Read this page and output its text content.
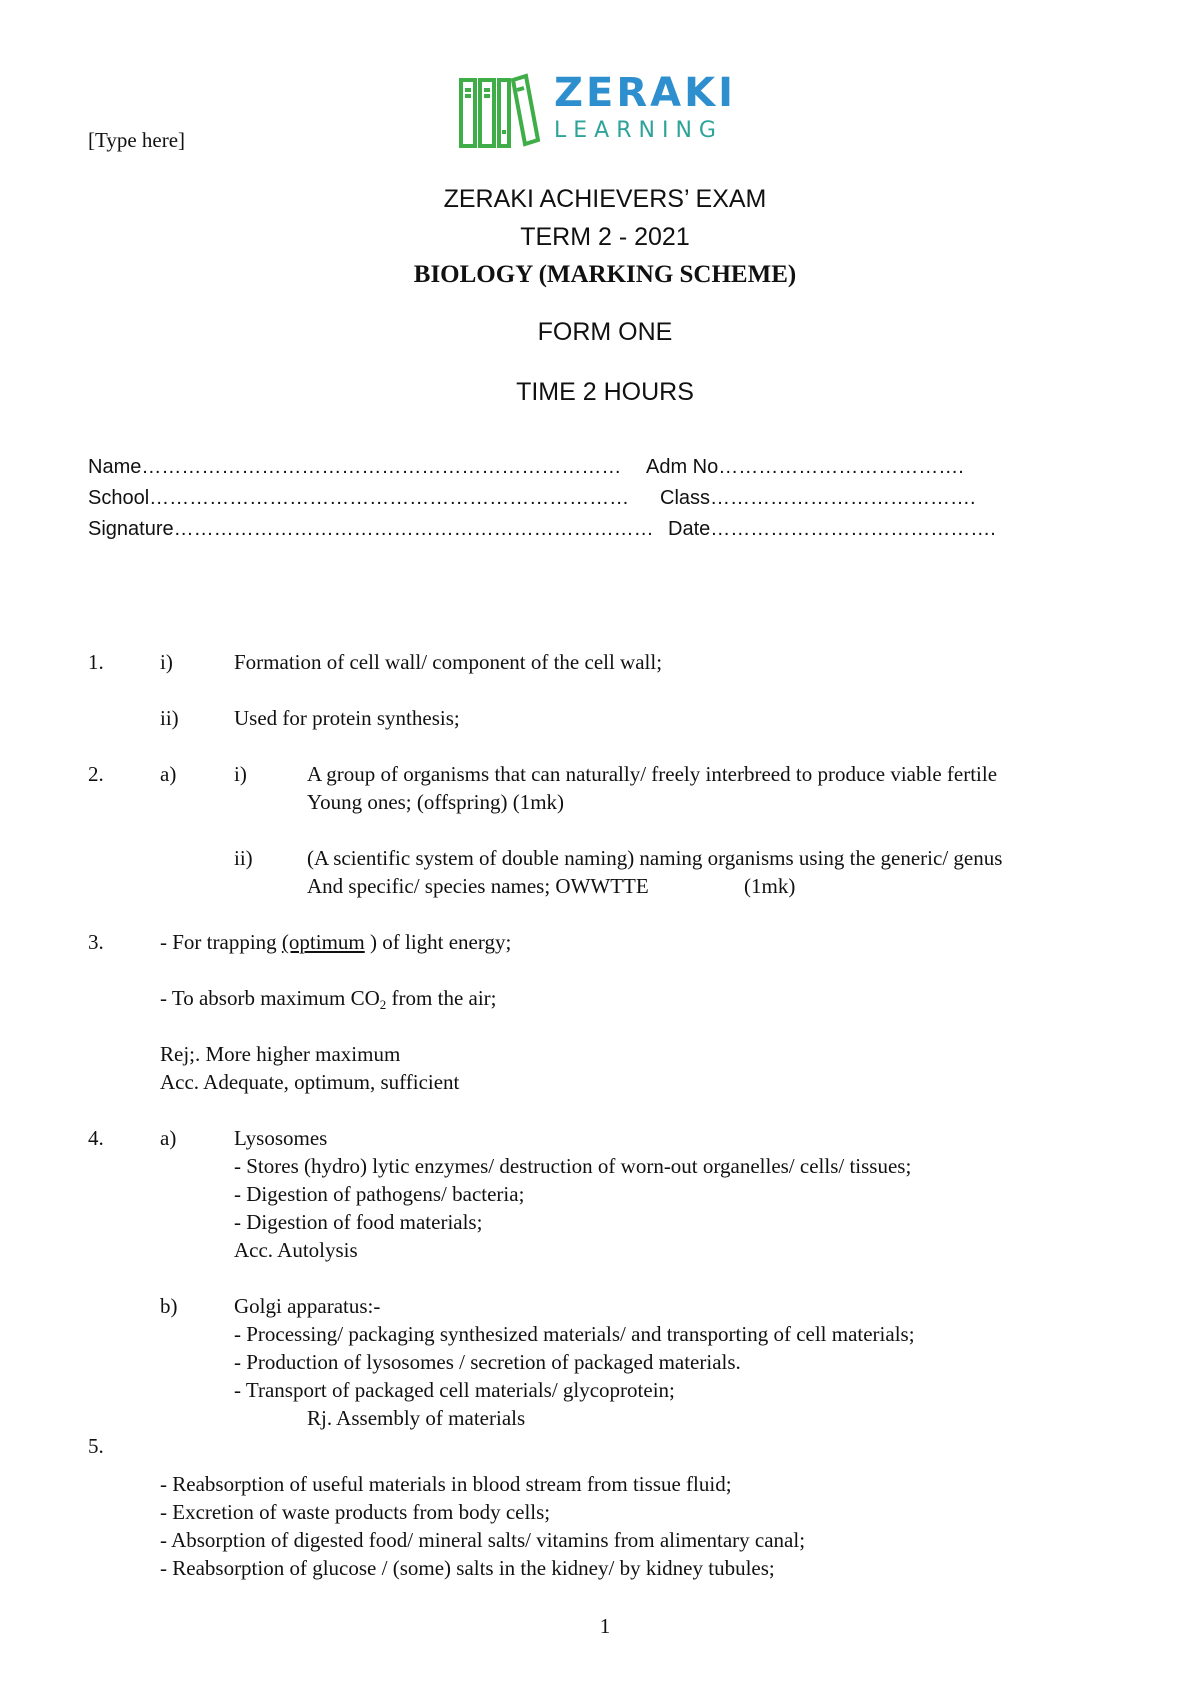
[Type here]
ZERAKI
LEARNING
ZERAKI ACHIEVERS’ EXAM
TERM 2 - 2021
BIOLOGY (MARKING SCHEME)
FORM ONE
TIME 2 HOURS
Name……………………………………………………………… Adm No……………………………….
School……………………………………………………………… Class………………………………….
Signature……………………………………………………………… Date…………………………………….
1.	i)	Formation of cell wall/ component of the cell wall;
ii)	Used for protein synthesis;
2.	a)	i)	A group of organisms that can naturally/ freely interbreed to produce viable fertile
Young ones; (offspring) (1mk)
ii)	(A scientific system of double naming) naming organisms using the generic/ genus
And specific/ species names; OWWTTE	(1mk)
3.	- For trapping (optimum ) of light energy;
- To absorb maximum CO2 from the air;
Rej;. More higher maximum
Acc. Adequate, optimum, sufficient
4.	a)	Lysosomes
- Stores (hydro) lytic enzymes/ destruction of worn-out organelles/ cells/ tissues;
- Digestion of pathogens/ bacteria;
- Digestion of food materials;
Acc. Autolysis
b)	Golgi apparatus:-
- Processing/ packaging synthesized materials/ and transporting of cell materials;
- Production of lysosomes / secretion of packaged materials.
- Transport of packaged cell materials/ glycoprotein;
Rj. Assembly of materials
5.
- Reabsorption of useful materials in blood stream from tissue fluid;
- Excretion of waste products from body cells;
- Absorption of digested food/ mineral salts/ vitamins from alimentary canal;
- Reabsorption of glucose / (some) salts in the kidney/ by kidney tubules;
1
